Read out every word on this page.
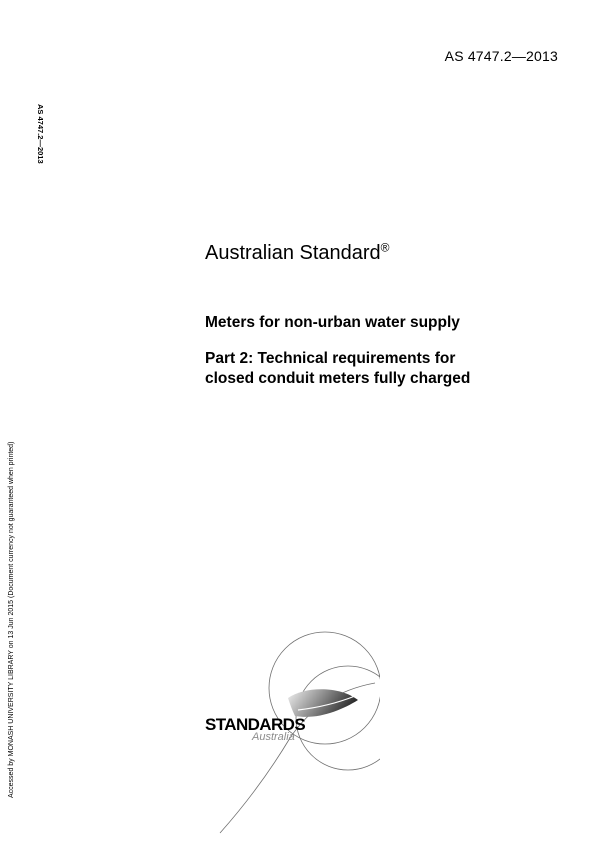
AS 4747.2—2013
AS 4747.2—2013
Accessed by MONASH UNIVERSITY LIBRARY on 13 Jun 2015 (Document currency not guaranteed when printed)
Australian Standard®
Meters for non-urban water supply
Part 2: Technical requirements for
closed conduit meters fully charged
STANDARDS
Australia
